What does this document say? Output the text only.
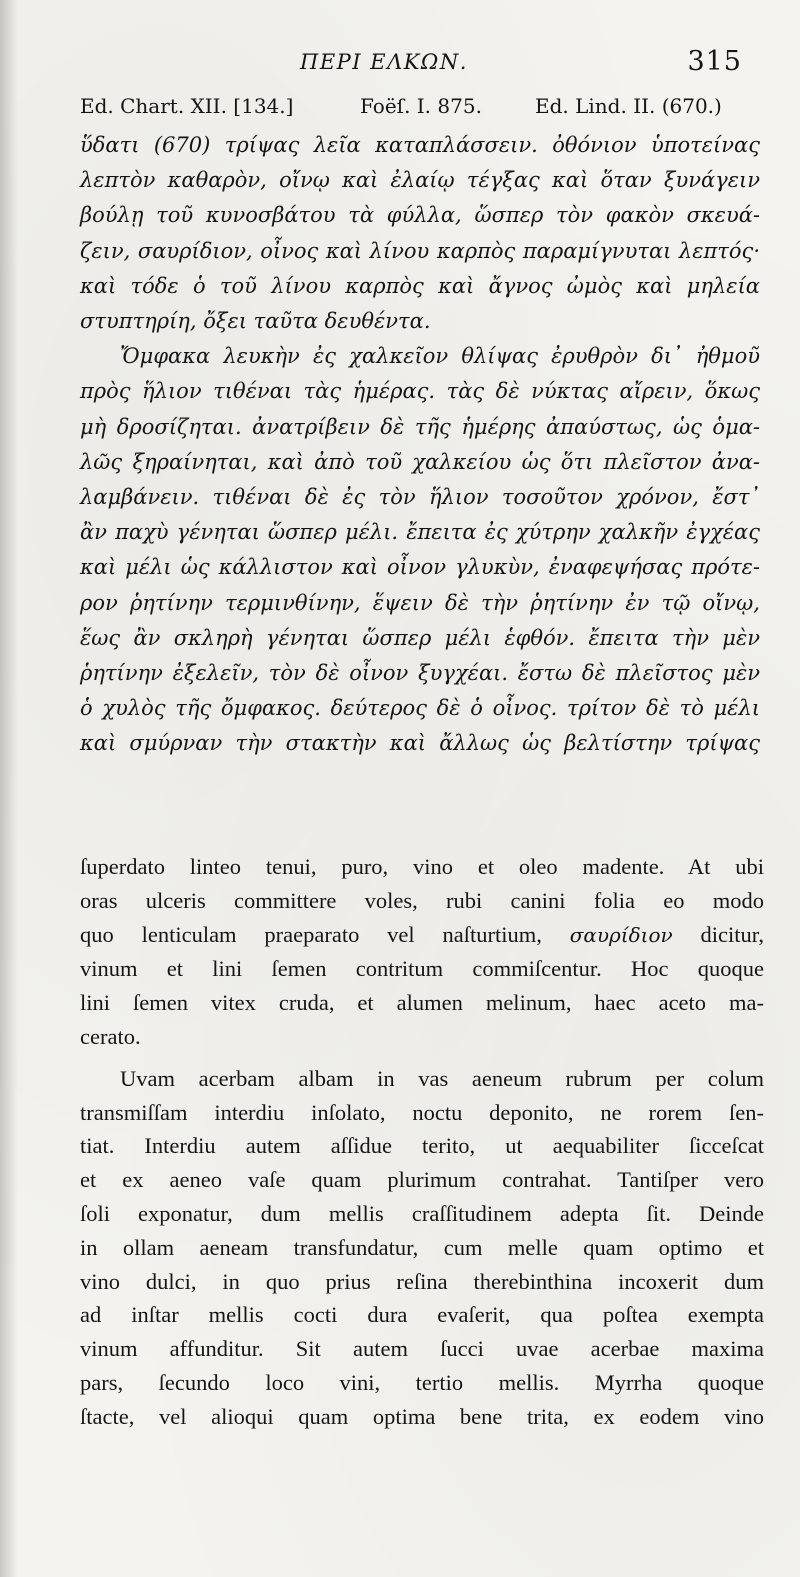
ΠΕΡΙ ΕΛΚΩΝ.	315
Ed. Chart. XII. [134.]	Foëſ. I. 875.	Ed. Lind. II. (670.)
ὕδατι (670) τρίψας λεῖα καταπλάσσειν. ὀθόνιον ὑποτείνας
λεπτὸν καθαρὸν, οἴνῳ καὶ ἐλαίῳ τέγξας καὶ ὅταν ξυνάγειν
βούλῃ τοῦ κυνοσβάτου τὰ φύλλα, ὥσπερ τὸν φακὸν σκευά-
ζειν, σαυρίδιον, οἶνος καὶ λίνου καρπὸς παραμίγνυται λεπτός·
καὶ τόδε ὁ τοῦ λίνου καρπὸς καὶ ἄγνος ὠμὸς καὶ μηλεία
στυπτηρίη, ὄξει ταῦτα δευθέντα.
Ὄμφακα λευκὴν ἐς χαλκεῖον θλίψας ἐρυθρὸν δι᾽ ἠθμοῦ
πρὸς ἥλιον τιθέναι τὰς ἡμέρας. τὰς δὲ νύκτας αἴρειν, ὅκως
μὴ δροσίζηται. ἀνατρίβειν δὲ τῆς ἡμέρης ἀπαύστως, ὡς ὁμα-
λῶς ξηραίνηται, καὶ ἀπὸ τοῦ χαλκείου ὡς ὅτι πλεῖστον ἀνα-
λαμβάνειν. τιθέναι δὲ ἐς τὸν ἥλιον τοσοῦτον χρόνον, ἔστ᾽
ἂν παχὺ γένηται ὥσπερ μέλι. ἔπειτα ἐς χύτρην χαλκῆν ἐγχέας
καὶ μέλι ὡς κάλλιστον καὶ οἶνον γλυκὺν, ἐναφεψήσας πρότε-
ρον ῥητίνην τερμινθίνην, ἕψειν δὲ τὴν ῥητίνην ἐν τῷ οἴνῳ,
ἕως ἂν σκληρὴ γένηται ὥσπερ μέλι ἑφθόν. ἔπειτα τὴν μὲν
ῥητίνην ἐξελεῖν, τὸν δὲ οἶνον ξυγχέαι. ἔστω δὲ πλεῖστος μὲν
ὁ χυλὸς τῆς ὄμφακος. δεύτερος δὲ ὁ οἶνος. τρίτον δὲ τὸ μέλι
καὶ σμύρναν τὴν στακτὴν καὶ ἄλλως ὡς βελτίστην τρίψας
ſuperdato linteo tenui, puro, vino et oleo madente. At ubi
oras ulceris committere voles, rubi canini folia eo modo
quo lenticulam praeparato vel naſturtium, σαυρίδιον dicitur,
vinum et lini ſemen contritum commiſcentur. Hoc quoque
lini ſemen vitex cruda, et alumen melinum, haec aceto ma-
cerato.
Uvam acerbam albam in vas aeneum rubrum per colum
transmiſſam interdiu inſolato, noctu deponito, ne rorem ſen-
tiat. Interdiu autem aſſidue terito, ut aequabiliter ſicceſcat
et ex aeneo vaſe quam plurimum contrahat. Tantiſper vero
ſoli exponatur, dum mellis craſſitudinem adepta ſit. Deinde
in ollam aeneam transfundatur, cum melle quam optimo et
vino dulci, in quo prius reſina therebinthina incoxerit dum
ad inſtar mellis cocti dura evaſerit, qua poſtea exempta
vinum affunditur. Sit autem ſucci uvae acerbae maxima
pars, ſecundo loco vini, tertio mellis. Myrrha quoque
ſtacte, vel alioqui quam optima bene trita, ex eodem vino
